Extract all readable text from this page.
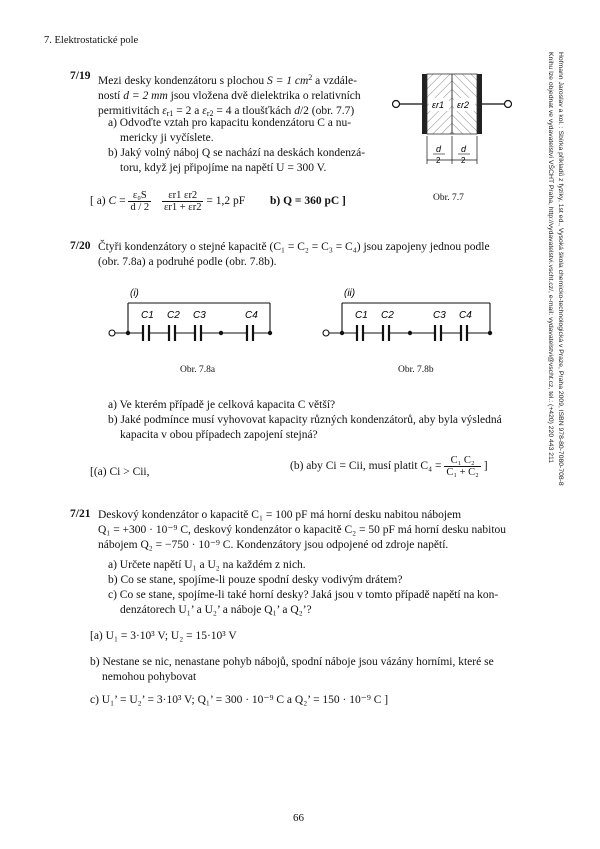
7. Elektrostatické pole
Hofmann Jaroslav a kol. : Sbírka příkladů z fyziky, 1st ed., Vysoká škola chemicko-technologická v Praze, Praha 2009, ISBN 978-80-7080-708-8
Knihu lze objednat ve vydavatelství VŠCHT Praha, http://vydavatelstvi.vscht.cz/, e-mail: vydavatelstvi@vscht.cz, tel.: (+420) 220 443 211
7/19 Mezi desky kondenzátoru s plochou S = 1 $cm^2$ a vzdále-
ností d = 2 mm jsou vložena dvě dielektrika o relativních
permitivitách $\varepsilon_{r1} = 2$ a $\varepsilon_{r2} = 4$ a tloušťkách d/2 (obr. 7.7)
a) Odvoďte vztah pro kapacitu kondenzátoru C a nu-
mericky ji vyčíslete.
b) Jaký volný náboj Q se nachází na deskách kondenzá-
toru, když jej připojíme na napětí U = 300 V.
[ a) $C = \frac{\text{ε₀S}}{d / 2}$
$\frac{\varepsilon r1 \varepsilon r2}{\varepsilon r1 + \varepsilon r2} = 1,2$ pF b) Q = 360 pC ]
εr1 εr2
d
2
d
2
Obr. 7.7
7/20 Čtyři kondenzátory o stejné kapacitě (C₁ = C₂ = C₃ = C₄) jsou zapojeny jednou podle
(obr. 7.8a) a podruhé podle (obr. 7.8b).
(i)
C1 C2 C3	C4
Obr. 7.8a
(ii)
C1 C2	C3 C4
Obr. 7.8b
a) Ve kterém případě je celková kapacita C větší?
b) Jaké podmínce musí vyhovovat kapacity různých kondenzátorů, aby byla výsledná
kapacita v obou případech zapojení stejná?
[(a) Ci > Cii,	(b) aby Ci = Cii, musí platit $C_4 = \frac{\text{C₁ C₂}}{\text{C₁ + C₂}}$ ]
7/21 Deskový kondenzátor o kapacitě C₁ = 100 pF má horní desku nabitou nábojem
Q₁ = +300 · 10⁻⁹ C, deskový kondenzátor o kapacitě C₂ = 50 pF má horní desku nabitou
nábojem Q₂ = −750 · 10⁻⁹ C. Kondenzátory jsou odpojené od zdroje napětí.
a) Určete napětí U₁ a U₂ na každém z nich.
b) Co se stane, spojíme-li pouze spodní desky vodivým drátem?
c) Co se stane, spojíme-li také horní desky? Jaká jsou v tomto případě napětí na kon-
denzátorech U₁’ a U₂’ a náboje Q₁’ a Q₂’?
[a) U₁ = 3·10³ V; U₂ = 15·10³ V
b) Nestane se nic, nenastane pohyb nábojů, spodní náboje jsou vázány horními, které se
nemohou pohybovat
c) U₁’ = U₂’ = 3·10³ V; Q₁’ = 300 · 10⁻⁹ C a Q₂’ = 150 · 10⁻⁹ C ]
66
